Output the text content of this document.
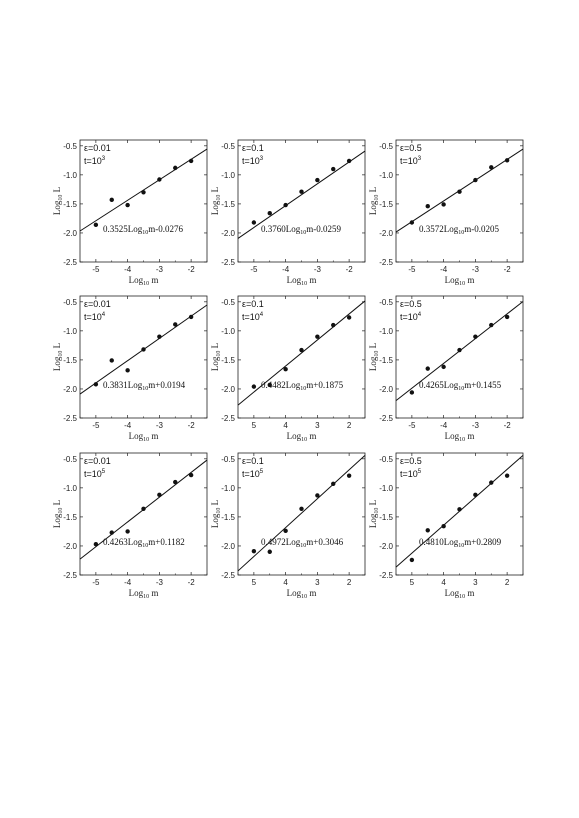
-5	-4	-3	-2
-0.5
-1.0
-1.5
-2.0
-2.5
Log$_{10}$ m
Log$_{10}$ L
ε=0.01
$t=10^3$
0.3525Log$_{10}$m-0.0276
-5	-4	-3	-2
-0.5
-1.0
-1.5
-2.0
-2.5
Log$_{10}$ m
Log$_{10}$ L
ε=0.1
$t=10^3$
0.3760Log$_{10}$m-0.0259
-5	-4	-3	-2
-0.5
-1.0
-1.5
-2.0
-2.5
Log$_{10}$ m
Log$_{10}$ L
ε=0.5
$t=10^3$
0.3572Log$_{10}$m-0.0205
-5	-4	-3	-2
-0.5
-1.0
-1.5
-2.0
-2.5
Log$_{10}$ m
Log$_{10}$ L
ε=0.01
$t=10^4$
0.3831Log$_{10}$m+0.0194
5	4	3	2
-0.5
-1.0
-1.5
-2.0
-2.5
Log$_{10}$ m
Log$_{10}$ L
ε=0.1
$t=10^4$
0.4482Log$_{10}$m+0.1875
-5	-4	-3	-2
-0.5
-1.0
-1.5
-2.0
-2.5
Log$_{10}$ m
Log$_{10}$ L
ε=0.5
$t=10^4$
0.4265Log$_{10}$m+0.1455
-5	-4	-3	-2
-0.5
-1.0
-1.5
-2.0
-2.5
Log$_{10}$ m
Log$_{10}$ L
ε=0.01
$t=10^5$
0.4263Log$_{10}$m+0.1182
5	4	3	2
-0.5
-1.0
-1.5
-2.0
-2.5
Log$_{10}$ m
Log$_{10}$ L
ε=0.1
$t=10^5$
0.4972Log$_{10}$m+0.3046
5	4	3	2
-0.5
-1.0
-1.5
-2.0
-2.5
Log$_{10}$ m
Log$_{10}$ L
ε=0.5
$t=10^5$
0.4810Log$_{10}$m+0.2809
